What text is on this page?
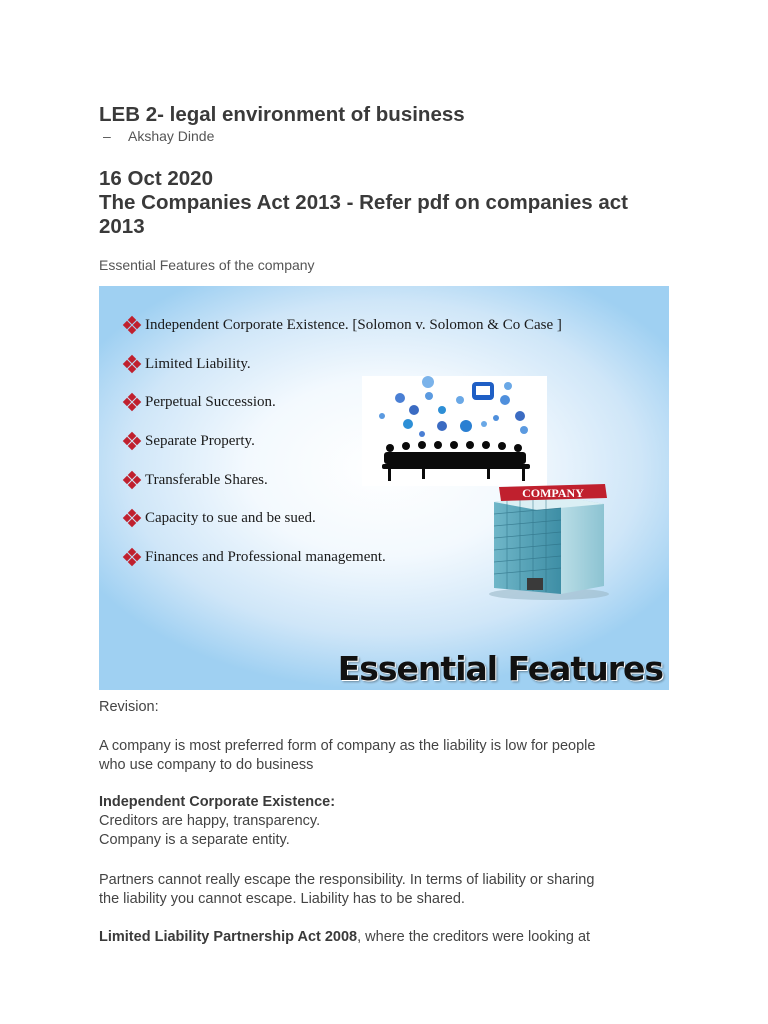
LEB 2- legal environment of business
– Akshay Dinde
16 Oct 2020
The Companies Act 2013 - Refer pdf on companies act
2013
Essential Features of the company
Independent Corporate Existence. [Solomon v. Solomon & Co Case ]
Limited Liability.
Perpetual Succession.
Separate Property.
Transferable Shares.
Capacity to sue and be sued.
Finances and Professional management.
COMPANY
Essential Features
Revision:
A company is most preferred form of company as the liability is low for people
who use company to do business
Independent Corporate Existence:
Creditors are happy, transparency.
Company is a separate entity.
Partners cannot really escape the responsibility. In terms of liability or sharing
the liability you cannot escape. Liability has to be shared.
Limited Liability Partnership Act 2008, where the creditors were looking at
